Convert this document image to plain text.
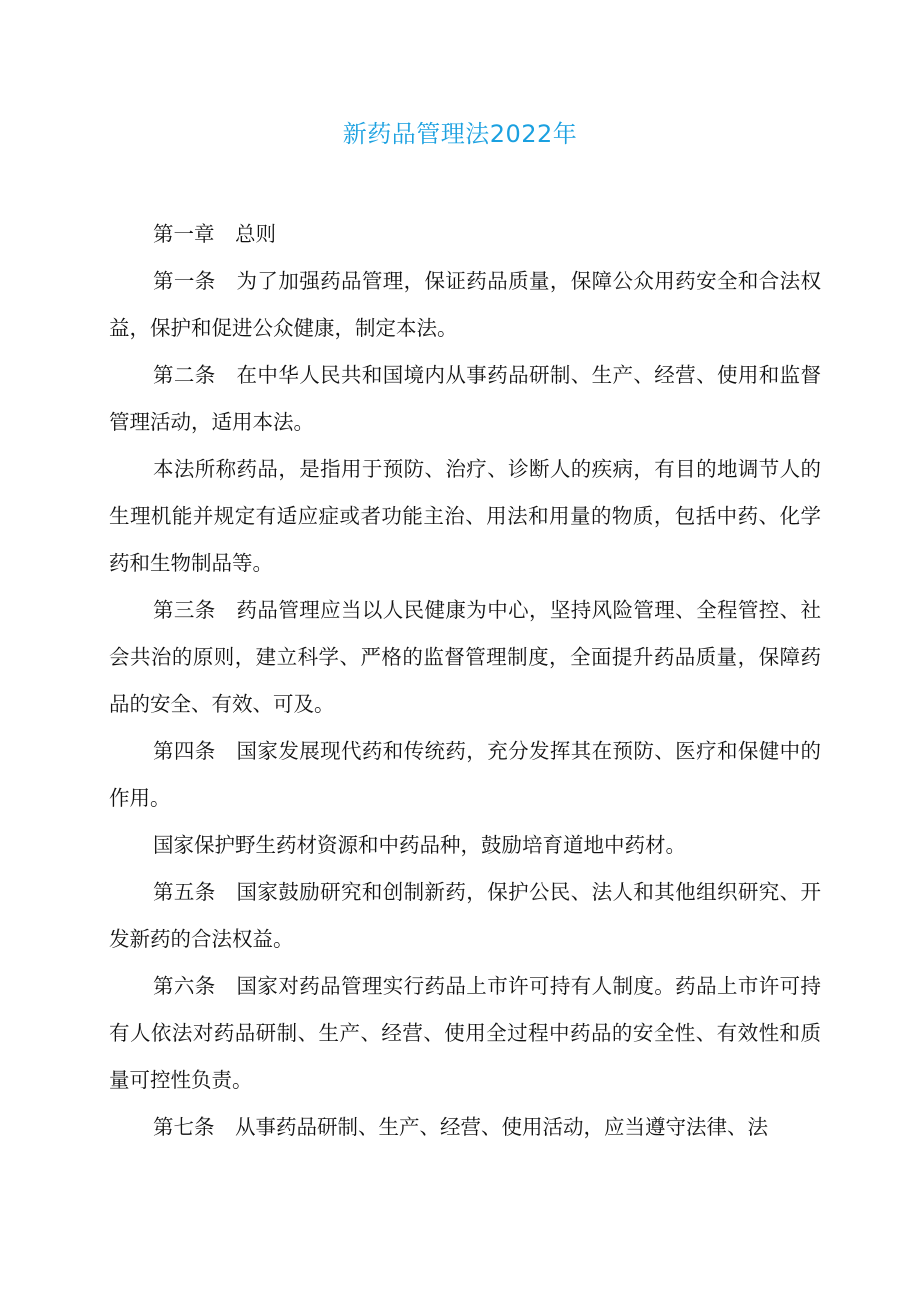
新药品管理法2022年

第一章　总则

第一条　为了加强药品管理，保证药品质量，保障公众用药安全和合法权益，保护和促进公众健康，制定本法。

第二条　在中华人民共和国境内从事药品研制、生产、经营、使用和监督管理活动，适用本法。

本法所称药品，是指用于预防、治疗、诊断人的疾病，有目的地调节人的生理机能并规定有适应症或者功能主治、用法和用量的物质，包括中药、化学药和生物制品等。

第三条　药品管理应当以人民健康为中心，坚持风险管理、全程管控、社会共治的原则，建立科学、严格的监督管理制度，全面提升药品质量，保障药品的安全、有效、可及。

第四条　国家发展现代药和传统药，充分发挥其在预防、医疗和保健中的作用。

国家保护野生药材资源和中药品种，鼓励培育道地中药材。

第五条　国家鼓励研究和创制新药，保护公民、法人和其他组织研究、开发新药的合法权益。

第六条　国家对药品管理实行药品上市许可持有人制度。药品上市许可持有人依法对药品研制、生产、经营、使用全过程中药品的安全性、有效性和质量可控性负责。

第七条　从事药品研制、生产、经营、使用活动，应当遵守法律、法
